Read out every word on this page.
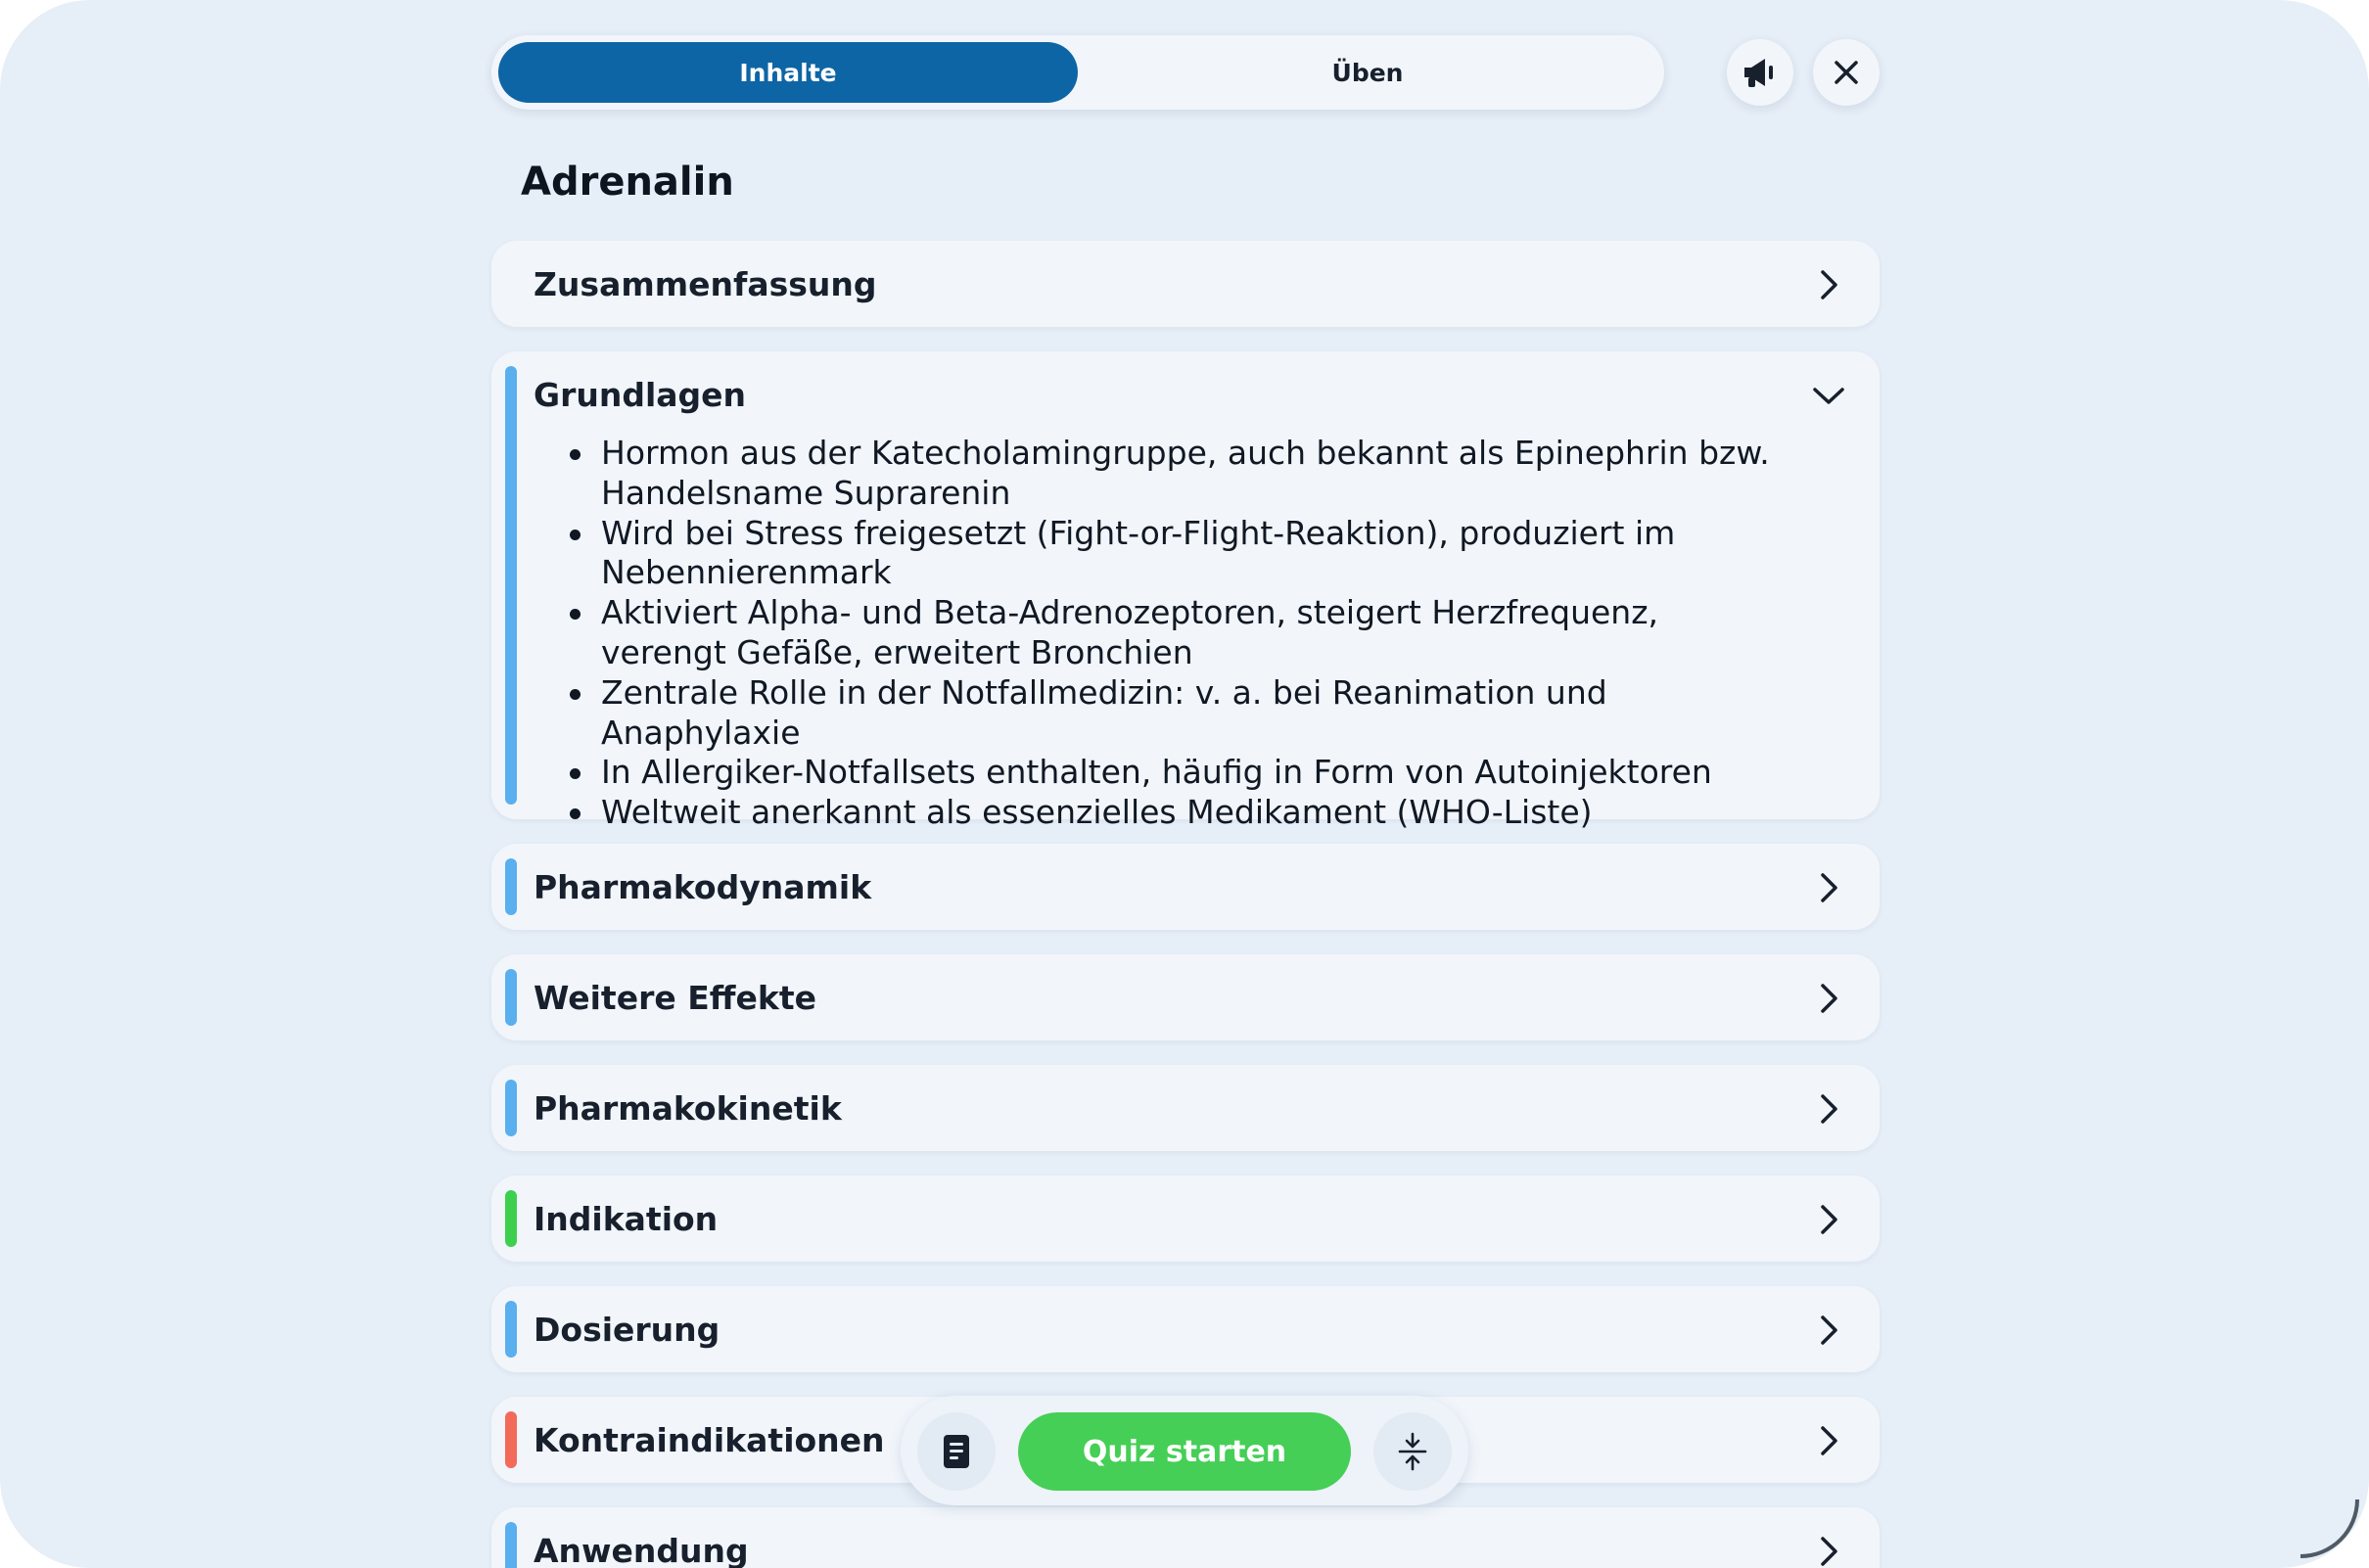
Inhalte	Üben
Adrenalin
Zusammenfassung
Grundlagen
Hormon aus der Katecholamingruppe, auch bekannt als Epinephrin bzw. Handelsname Suprarenin
Wird bei Stress freigesetzt (Fight-or-Flight-Reaktion), produziert im Nebennierenmark
Aktiviert Alpha- und Beta-Adrenozeptoren, steigert Herzfrequenz, verengt Gefäße, erweitert Bronchien
Zentrale Rolle in der Notfallmedizin: v. a. bei Reanimation und Anaphylaxie
In Allergiker-Notfallsets enthalten, häufig in Form von Autoinjektoren
Weltweit anerkannt als essenzielles Medikament (WHO-Liste)
Pharmakodynamik
Weitere Effekte
Pharmakokinetik
Indikation
Dosierung
Kontraindikationen
Anwendung
Quiz starten
